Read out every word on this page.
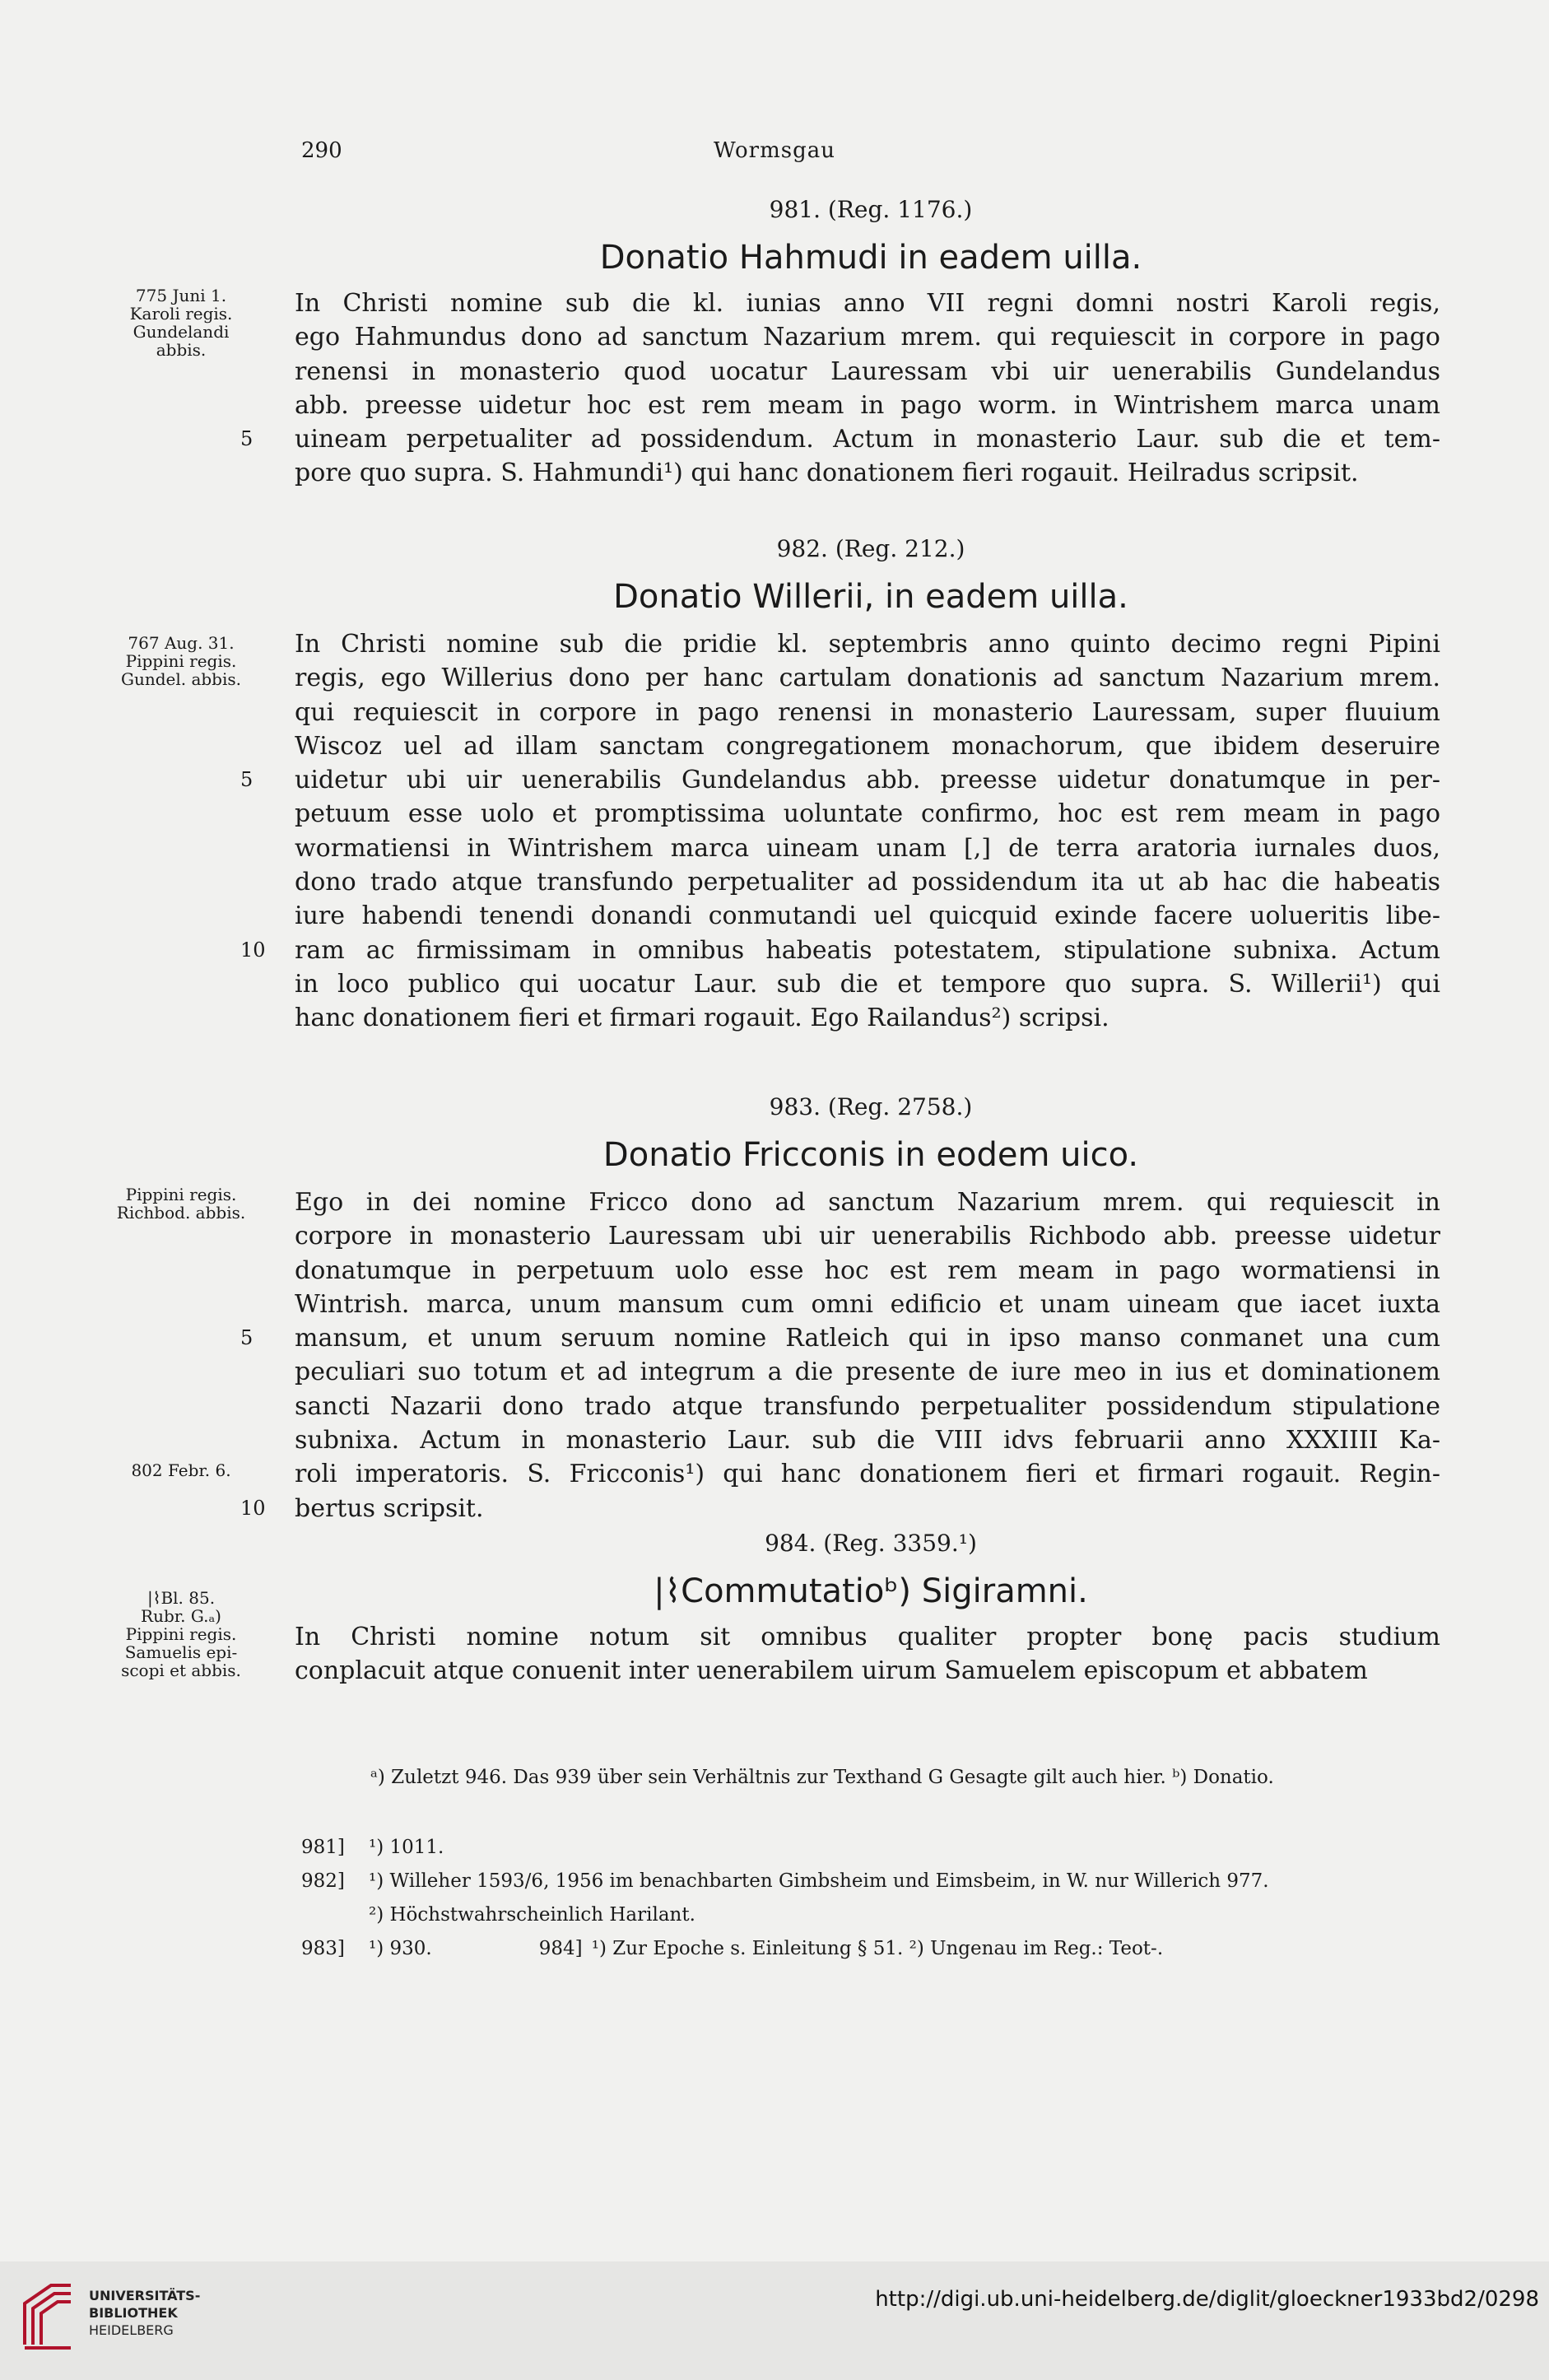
290	Wormsgau
981. (Reg. 1176.)
Donatio Hahmudi in eadem uilla.
5
In Christi nomine sub die kl. iunias anno VII regni domni nostri Karoli regis,
ego Hahmundus dono ad sanctum Nazarium mrem. qui requiescit in corpore in pago
renensi in monasterio quod uocatur Lauressam vbi uir uenerabilis Gundelandus
abb. preesse uidetur hoc est rem meam in pago worm. in Wintrishem marca unam
uineam perpetualiter ad possidendum. Actum in monasterio Laur. sub die et tem-
pore quo supra. S. Hahmundi¹) qui hanc donationem fieri rogauit. Heilradus scripsit.
775 Juni 1.
Karoli regis.
Gundelandi
abbis.
982. (Reg. 212.)
Donatio Willerii, in eadem uilla.
5
10
In Christi nomine sub die pridie kl. septembris anno quinto decimo regni Pipini
regis, ego Willerius dono per hanc cartulam donationis ad sanctum Nazarium mrem.
qui requiescit in corpore in pago renensi in monasterio Lauressam, super fluuium
Wiscoz uel ad illam sanctam congregationem monachorum, que ibidem deseruire
uidetur ubi uir uenerabilis Gundelandus abb. preesse uidetur donatumque in per-
petuum esse uolo et promptissima uoluntate confirmo, hoc est rem meam in pago
wormatiensi in Wintrishem marca uineam unam [,] de terra aratoria iurnales duos,
dono trado atque transfundo perpetualiter ad possidendum ita ut ab hac die habeatis
iure habendi tenendi donandi conmutandi uel quicquid exinde facere uolueritis libe-
ram ac firmissimam in omnibus habeatis potestatem, stipulatione subnixa. Actum
in loco publico qui uocatur Laur. sub die et tempore quo supra. S. Willerii¹) qui
hanc donationem fieri et firmari rogauit. Ego Railandus²) scripsi.
767 Aug. 31.
Pippini regis.
Gundel. abbis.
983. (Reg. 2758.)
Donatio Fricconis in eodem uico.
5
10
Ego in dei nomine Fricco dono ad sanctum Nazarium mrem. qui requiescit in
corpore in monasterio Lauressam ubi uir uenerabilis Richbodo abb. preesse uidetur
donatumque in perpetuum uolo esse hoc est rem meam in pago wormatiensi in
Wintrish. marca, unum mansum cum omni edificio et unam uineam que iacet iuxta
mansum, et unum seruum nomine Ratleich qui in ipso manso conmanet una cum
peculiari suo totum et ad integrum a die presente de iure meo in ius et dominationem
sancti Nazarii dono trado atque transfundo perpetualiter possidendum stipulatione
subnixa. Actum in monasterio Laur. sub die VIII idvs februarii anno XXXIIII Ka-
roli imperatoris. S. Fricconis¹) qui hanc donationem fieri et firmari rogauit. Regin-
bertus scripsit.
Pippini regis.
Richbod. abbis.
802 Febr. 6.
984. (Reg. 3359.¹)
|⌇Commutatioᵇ) Sigiramni.
In Christi nomine notum sit omnibus qualiter propter bonę pacis studium
conplacuit atque conuenit inter uenerabilem uirum Samuelem episcopum et abbatem
|⌇Bl. 85.
Rubr. G.ₐ)
Pippini regis.
Samuelis epi-
scopi et abbis.
ᵃ) Zuletzt 946. Das 939 über sein Verhältnis zur Texthand G Gesagte gilt auch hier. ᵇ) Donatio.
981] ¹) 1011.
982] ¹) Willeher 1593/6, 1956 im benachbarten Gimbsheim und Eimsbeim, in W. nur Willerich 977.
²) Höchstwahrscheinlich Harilant.
983] ¹) 930.	984] ¹) Zur Epoche s. Einleitung § 51. ²) Ungenau im Reg.: Teot-.
UNIVERSITÄTS-
BIBLIOTHEK
HEIDELBERG
http://digi.ub.uni-heidelberg.de/diglit/gloeckner1933bd2/0298
